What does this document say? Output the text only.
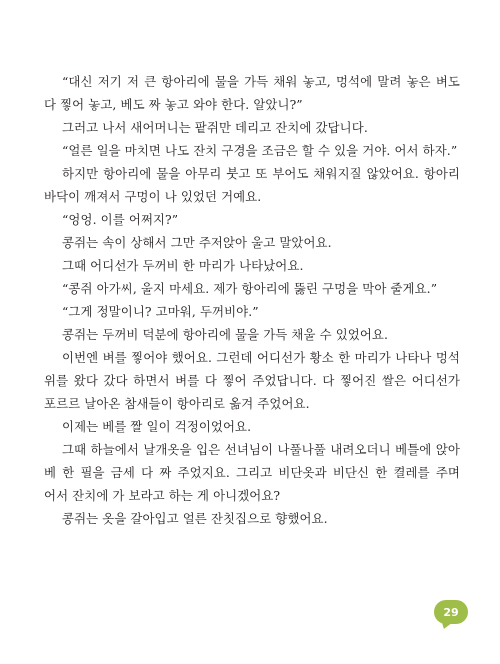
“대신 저기 저 큰 항아리에 물을 가득 채워 놓고, 멍석에 말려 놓은 벼도 다 찧어 놓고, 베도 짜 놓고 와야 한다. 알았니?”

그러고 나서 새어머니는 팥쥐만 데리고 잔치에 갔답니다.

“얼른 일을 마치면 나도 잔치 구경을 조금은 할 수 있을 거야. 어서 하자.”

하지만 항아리에 물을 아무리 붓고 또 부어도 채워지질 않았어요. 항아리 바닥이 깨져서 구멍이 나 있었던 거예요.

“엉엉. 이를 어쩌지?”

콩쥐는 속이 상해서 그만 주저앉아 울고 말았어요.

그때 어디선가 두꺼비 한 마리가 나타났어요.

“콩쥐 아가씨, 울지 마세요. 제가 항아리에 뚫린 구멍을 막아 줄게요.”

“그게 정말이니? 고마워, 두꺼비야.”

콩쥐는 두꺼비 덕분에 항아리에 물을 가득 채울 수 있었어요.

이번엔 벼를 찧어야 했어요. 그런데 어디선가 황소 한 마리가 나타나 멍석 위를 왔다 갔다 하면서 벼를 다 찧어 주었답니다. 다 찧어진 쌀은 어디선가 포르르 날아온 참새들이 항아리로 옮겨 주었어요.

이제는 베를 짤 일이 걱정이었어요.

그때 하늘에서 날개옷을 입은 선녀님이 나풀나풀 내려오더니 베틀에 앉아 베 한 필을 금세 다 짜 주었지요. 그리고 비단옷과 비단신 한 켤레를 주며 어서 잔치에 가 보라고 하는 게 아니겠어요?

콩쥐는 옷을 갈아입고 얼른 잔칫집으로 향했어요.

29
